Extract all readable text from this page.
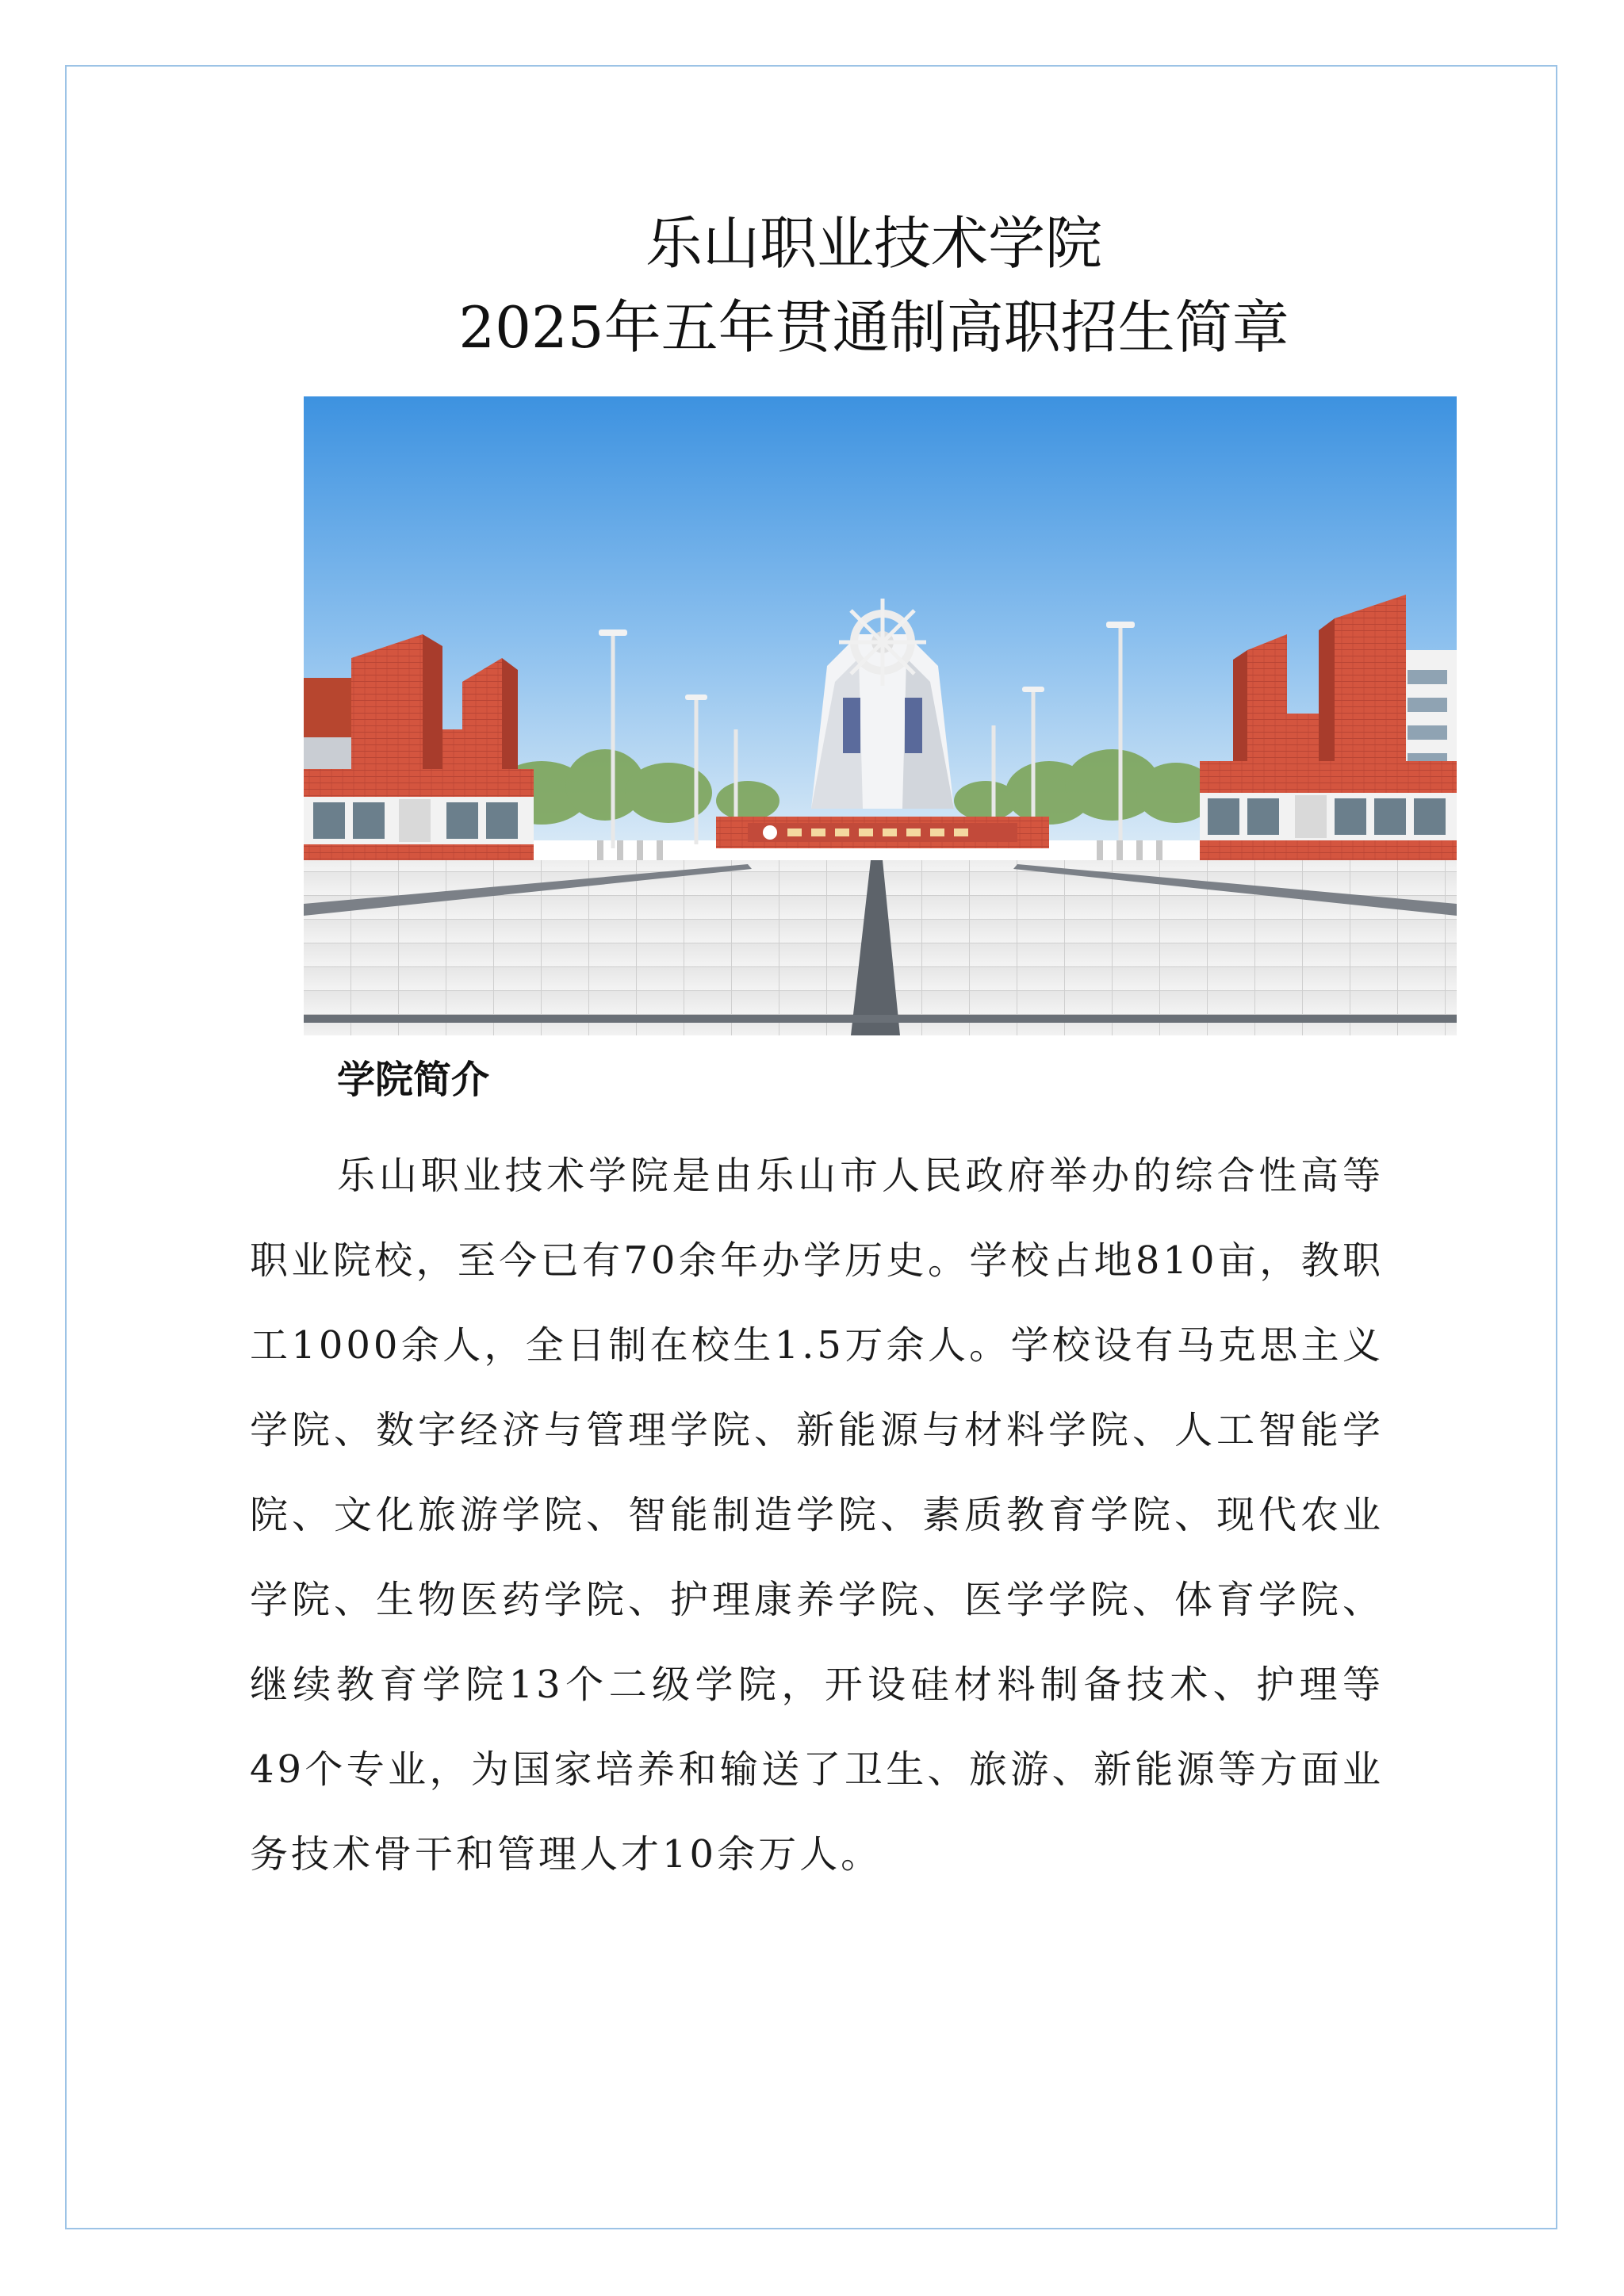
乐山职业技术学院
2025年五年贯通制高职招生简章
学院简介

乐山职业技术学院是由乐山市人民政府举办的综合性高等职业院校，至今已有70余年办学历史。学校占地810亩，教职工1000余人，全日制在校生1.5万余人。学校设有马克思主义学院、数字经济与管理学院、新能源与材料学院、人工智能学院、文化旅游学院、智能制造学院、素质教育学院、现代农业学院、生物医药学院、护理康养学院、医学学院、体育学院、继续教育学院13个二级学院，开设硅材料制备技术、护理等49个专业，为国家培养和输送了卫生、旅游、新能源等方面业务技术骨干和管理人才10余万人。
